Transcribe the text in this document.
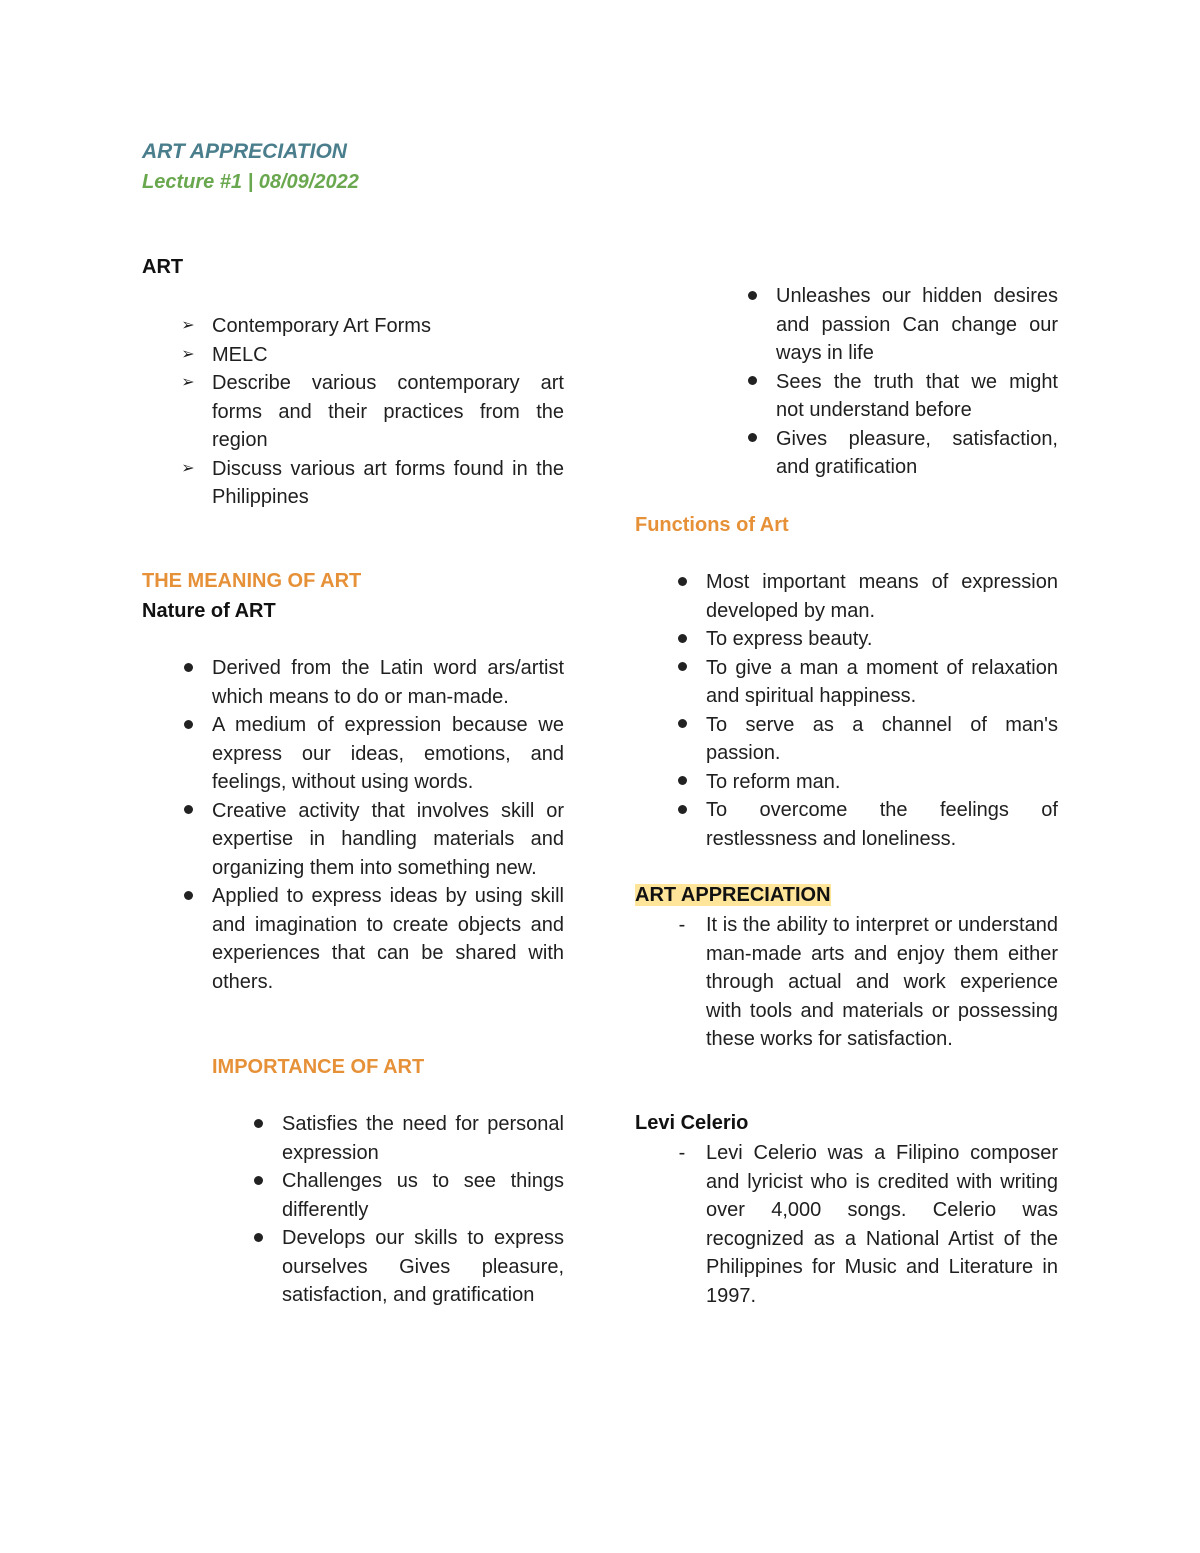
ART APPRECIATION
Lecture #1 | 08/09/2022
ART
➢ Contemporary Art Forms
➢ MELC
➢ Describe various contemporary art forms and their practices from the region
➢ Discuss various art forms found in the Philippines
THE MEANING OF ART
Nature of ART
Derived from the Latin word ars/artist which means to do or man-made.
A medium of expression because we express our ideas, emotions, and feelings, without using words.
Creative activity that involves skill or expertise in handling materials and organizing them into something new.
Applied to express ideas by using skill and imagination to create objects and experiences that can be shared with others.
IMPORTANCE OF ART
Satisfies the need for personal expression
Challenges us to see things differently
Develops our skills to express ourselves Gives pleasure, satisfaction, and gratification
Unleashes our hidden desires and passion Can change our ways in life
Sees the truth that we might not understand before
Gives pleasure, satisfaction, and gratification
Functions of Art
Most important means of expression developed by man.
To express beauty.
To give a man a moment of relaxation and spiritual happiness.
To serve as a channel of man's passion.
To reform man.
To overcome the feelings of restlessness and loneliness.
ART APPRECIATION
-	It is the ability to interpret or understand man-made arts and enjoy them either through actual and work experience with tools and materials or possessing these works for satisfaction.
Levi Celerio
-	Levi Celerio was a Filipino composer and lyricist who is credited with writing over 4,000 songs. Celerio was recognized as a National Artist of the Philippines for Music and Literature in 1997.
